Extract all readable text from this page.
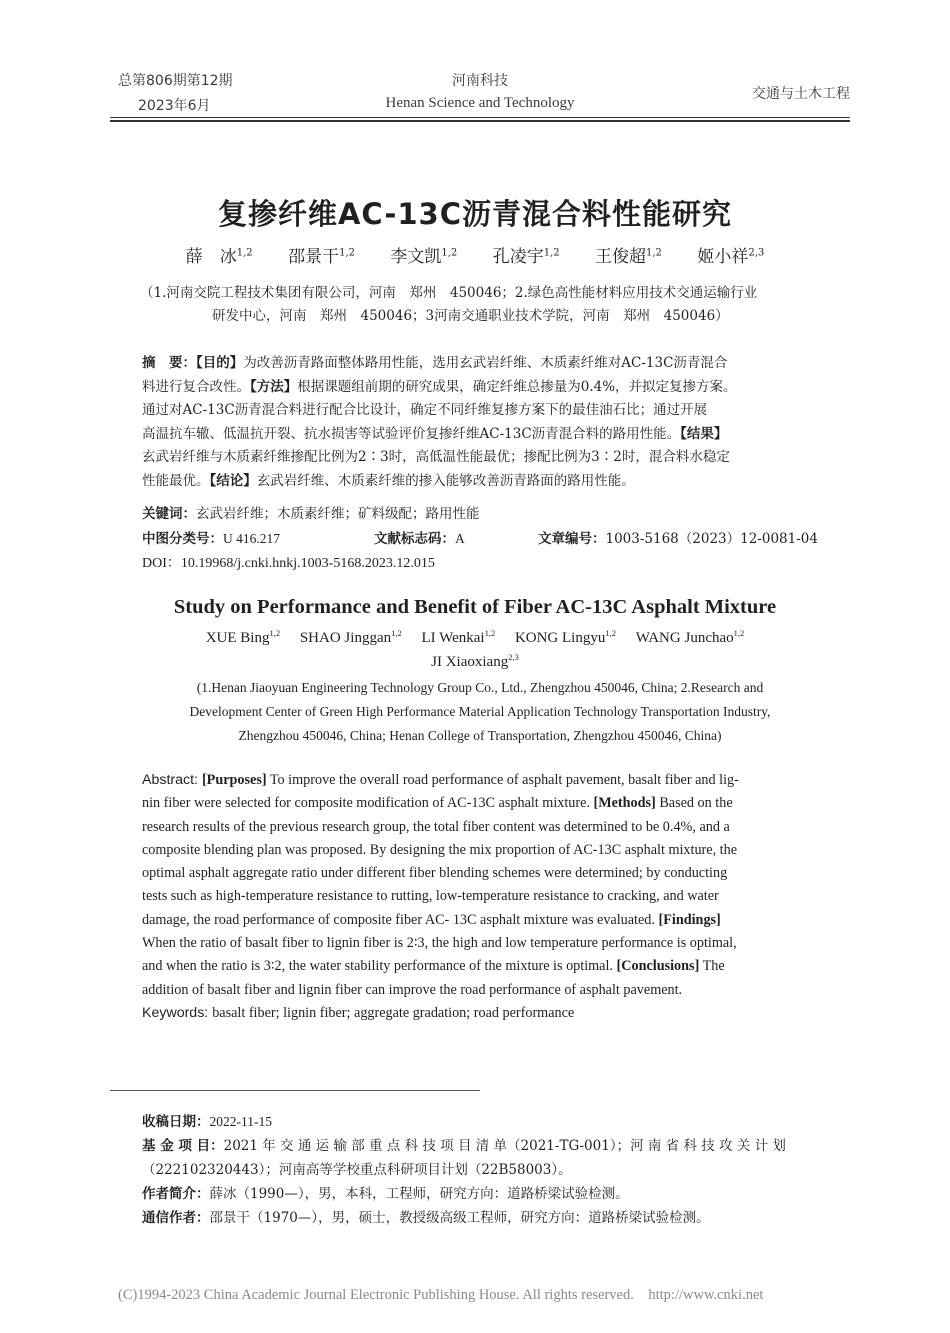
总第806期第12期
2023年6月
河南科技
Henan Science and Technology
交通与土木工程
复掺纤维AC-13C沥青混合料性能研究
薛　冰$^{1,2}$ 邵景干$^{1,2}$ 李文凯$^{1,2}$ 孔凌宇$^{1,2}$ 王俊超$^{1,2}$ 姬小祥$^{2,3}$
（1.河南交院工程技术集团有限公司，河南　郑州　450046；2.绿色高性能材料应用技术交通运输行业
研发中心，河南　郑州　450046；3河南交通职业技术学院，河南　郑州　450046）

摘　要：【目的】为改善沥青路面整体路用性能，选用玄武岩纤维、木质素纤维对AC-13C沥青混合

料进行复合改性。【方法】根据课题组前期的研究成果，确定纤维总掺量为0.4%，并拟定复掺方案。

通过对AC-13C沥青混合料进行配合比设计，确定不同纤维复掺方案下的最佳油石比；通过开展

高温抗车辙、低温抗开裂、抗水损害等试验评价复掺纤维AC-13C沥青混合料的路用性能。【结果】

玄武岩纤维与木质素纤维掺配比例为2∶3时，高低温性能最优；掺配比例为3∶2时，混合料水稳定

性能最优。【结论】玄武岩纤维、木质素纤维的掺入能够改善沥青路面的路用性能。

关键词：玄武岩纤维；木质素纤维；矿料级配；路用性能
中图分类号：U 416.217	文献标志码：A	文章编号：1003-5168（2023）12-0081-04
DOI：10.19968/j.cnki.hnkj.1003-5168.2023.12.015
Study on Performance and Benefit of Fiber AC-13C Asphalt Mixture
XUE Bing$^{1,2}$ SHAO Jinggan$^{1,2}$ LI Wenkai$^{1,2}$ KONG Lingyu$^{1,2}$ WANG Junchao$^{1,2}$
JI Xiaoxiang$^{2,3}$

(1.Henan Jiaoyuan Engineering Technology Group Co., Ltd., Zhengzhou 450046, China; 2.Research and

Development Center of Green High Performance Material Application Technology Transportation Industry,

Zhengzhou 450046, China; Henan College of Transportation, Zhengzhou 450046, China)

Abstract: [Purposes] To improve the overall road performance of asphalt pavement, basalt fiber and lig-

nin fiber were selected for composite modification of AC-13C asphalt mixture. [Methods] Based on the

research results of the previous research group, the total fiber content was determined to be 0.4%, and a

composite blending plan was proposed. By designing the mix proportion of AC-13C asphalt mixture, the

optimal asphalt aggregate ratio under different fiber blending schemes were determined; by conducting

tests such as high-temperature resistance to rutting, low-temperature resistance to cracking, and water

damage, the road performance of composite fiber AC- 13C asphalt mixture was evaluated. [Findings]

When the ratio of basalt fiber to lignin fiber is 2∶3, the high and low temperature performance is optimal,

and when the ratio is 3∶2, the water stability performance of the mixture is optimal. [Conclusions] The

addition of basalt fiber and lignin fiber can improve the road performance of asphalt pavement.

Keywords: basalt fiber; lignin fiber; aggregate gradation; road performance

收稿日期：2022-11-15

基 金 项 目：2021 年 交 通 运 输 部 重 点 科 技 项 目 清 单（2021-TG-001）；河 南 省 科 技 攻 关 计 划

（222102320443）；河南高等学校重点科研项目计划（22B58003）。

作者简介：薛冰（1990—），男，本科，工程师，研究方向：道路桥梁试验检测。

通信作者：邵景干（1970—），男，硕士，教授级高级工程师，研究方向：道路桥梁试验检测。

(C)1994-2023 China Academic Journal Electronic Publishing House. All rights reserved.    http://www.cnki.net
